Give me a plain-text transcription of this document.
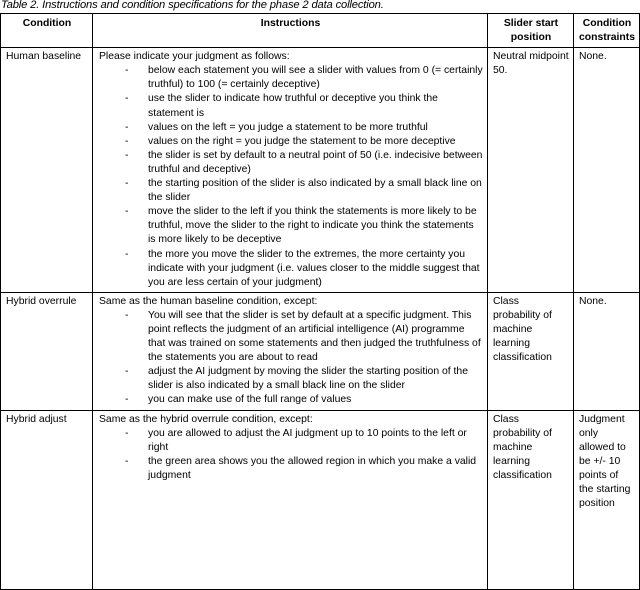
Table 2. Instructions and condition specifications for the phase 2 data collection.
Condition	Instructions	Slider start position	Condition constraints
Human baseline	Please indicate your judgment as follows:

- below each statement you will see a slider with values from 0 (= certainly truthful) to 100 (= certainly deceptive)
- use the slider to indicate how truthful or deceptive you think the statement is
- values on the left = you judge a statement to be more truthful
- values on the right = you judge the statement to be more deceptive
- the slider is set by default to a neutral point of 50 (i.e. indecisive between truthful and deceptive)
- the starting position of the slider is also indicated by a small black line on the slider
- move the slider to the left if you think the statements is more likely to be truthful, move the slider to the right to indicate you think the statements is more likely to be deceptive
- the more you move the slider to the extremes, the more certainty you indicate with your judgment (i.e. values closer to the middle suggest that you are less certain of your judgment)
	Neutral midpoint 50.	None.
Hybrid overrule	Same as the human baseline condition, except:

- You will see that the slider is set by default at a specific judgment. This point reflects the judgment of an artificial intelligence (AI) programme that was trained on some statements and then judged the truthfulness of the statements you are about to read
- adjust the AI judgment by moving the slider the starting position of the slider is also indicated by a small black line on the slider
- you can make use of the full range of values
	Class probability of machine learning classification	None.
Hybrid adjust	Same as the hybrid overrule condition, except:

- you are allowed to adjust the AI judgment up to 10 points to the left or right
- the green area shows you the allowed region in which you make a valid judgment
	Class probability of machine learning classification	Judgment only allowed to be +/- 10 points of the starting position
